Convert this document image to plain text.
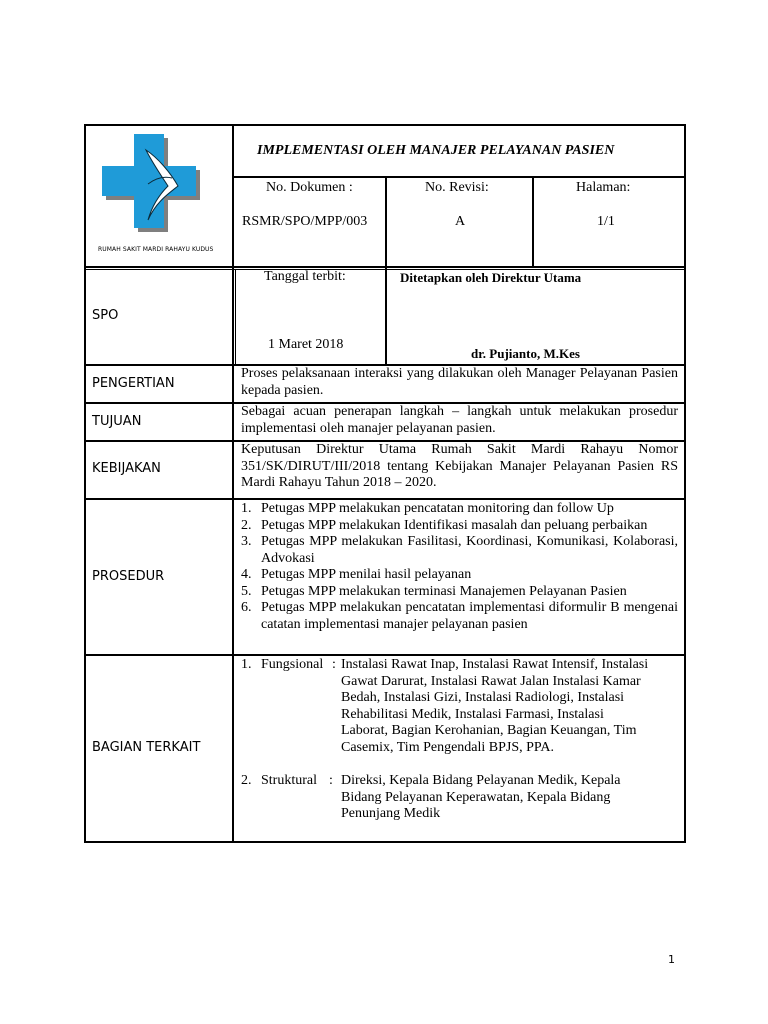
RUMAH SAKIT MARDI RAHAYU KUDUS
IMPLEMENTASI OLEH MANAJER PELAYANAN PASIEN
No. Dokumen :
RSMR/SPO/MPP/003
No. Revisi:
A
Halaman:
1/1
SPO
Tanggal terbit:
1 Maret 2018
Ditetapkan oleh Direktur Utama
dr. Pujianto, M.Kes
PENGERTIAN
Proses pelaksanaan interaksi yang dilakukan oleh Manager Pelayanan Pasien kepada pasien.
TUJUAN
Sebagai acuan penerapan langkah – langkah untuk melakukan prosedur implementasi oleh manajer pelayanan pasien.
KEBIJAKAN
Keputusan Direktur Utama Rumah Sakit Mardi Rahayu Nomor 351/SK/DIRUT/III/2018 tentang Kebijakan Manajer Pelayanan Pasien RS Mardi Rahayu Tahun 2018 – 2020.
PROSEDUR
1. Petugas MPP melakukan pencatatan monitoring dan follow Up
2. Petugas MPP melakukan Identifikasi masalah dan peluang perbaikan
3. Petugas MPP melakukan Fasilitasi, Koordinasi, Komunikasi, Kolaborasi, Advokasi
4. Petugas MPP menilai hasil pelayanan
5. Petugas MPP melakukan terminasi Manajemen Pelayanan Pasien
6. Petugas MPP melakukan pencatatan implementasi diformulir B mengenai catatan implementasi manajer pelayanan pasien
BAGIAN TERKAIT
1. Fungsional : Instalasi Rawat Inap, Instalasi Rawat Intensif, Instalasi Gawat Darurat, Instalasi Rawat Jalan Instalasi Kamar Bedah, Instalasi Gizi, Instalasi Radiologi, Instalasi Rehabilitasi Medik, Instalasi Farmasi, Instalasi Laborat, Bagian Kerohanian, Bagian Keuangan, Tim Casemix, Tim Pengendali BPJS, PPA.
2. Struktural : Direksi, Kepala Bidang Pelayanan Medik, Kepala Bidang Pelayanan Keperawatan, Kepala Bidang Penunjang Medik
1
